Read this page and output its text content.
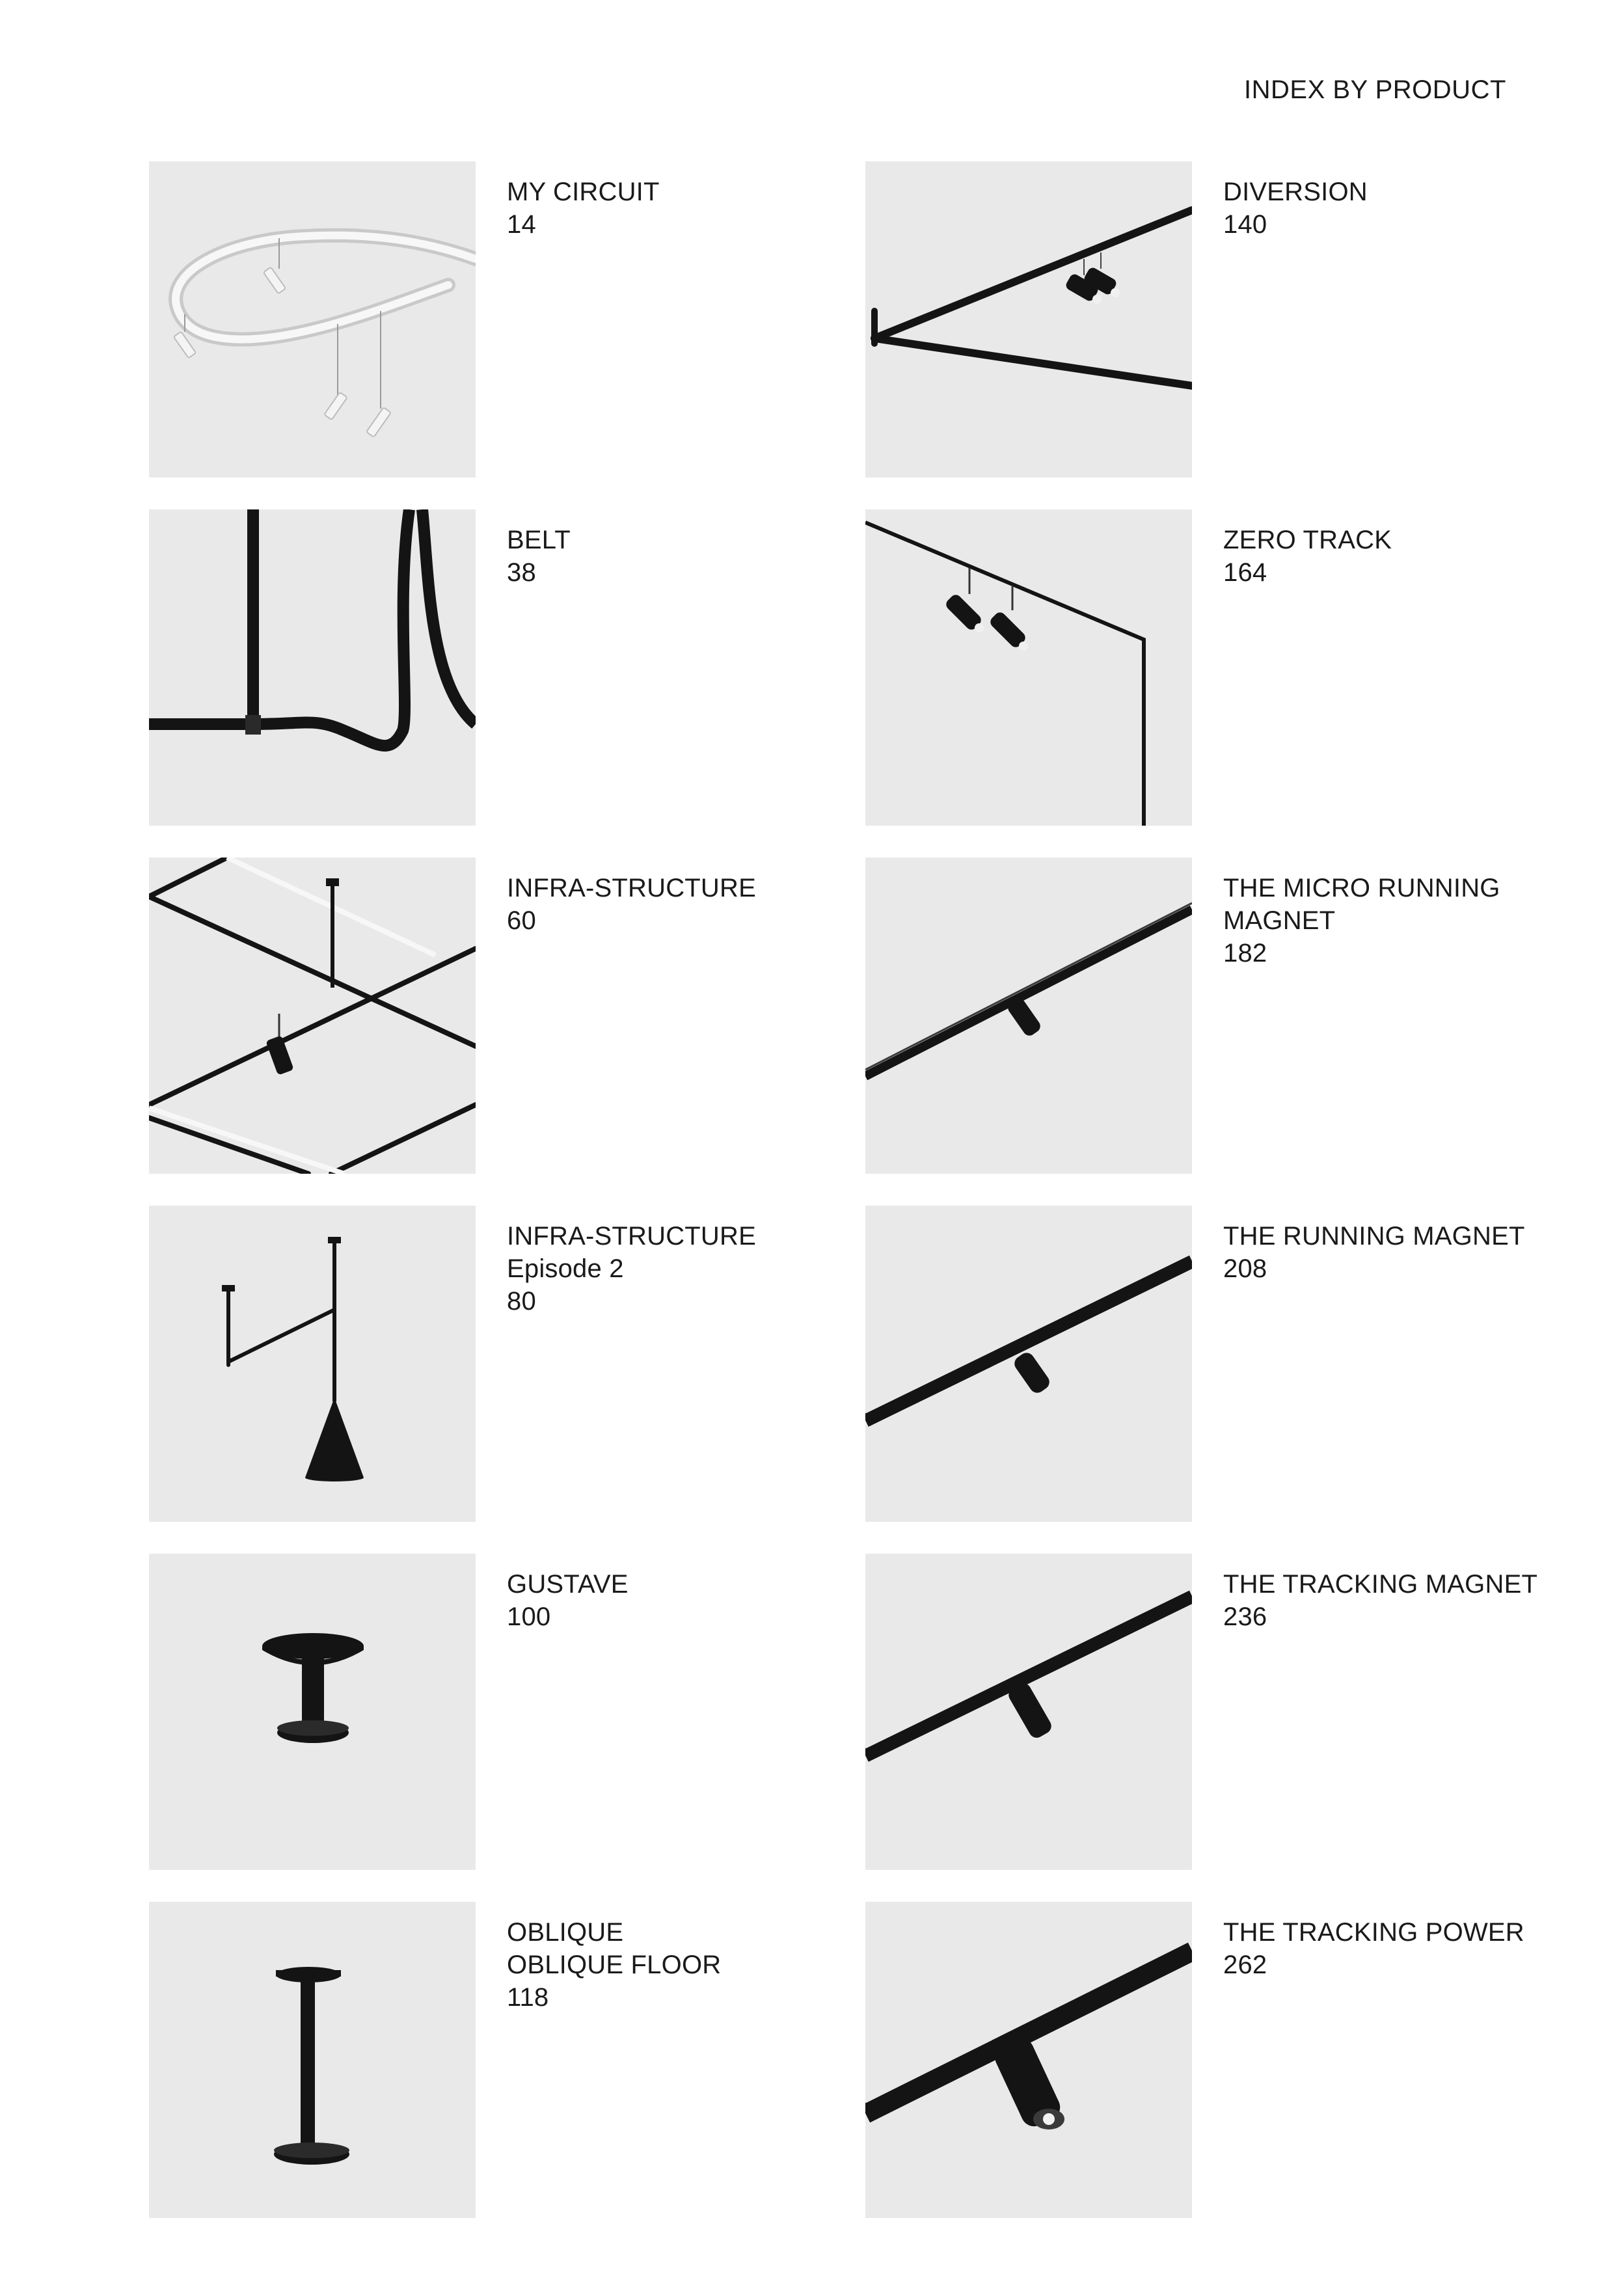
INDEX BY PRODUCT
MY CIRCUIT
14
DIVERSION
140
BELT
38
ZERO TRACK
164
INFRA-STRUCTURE
60
THE MICRO RUNNING
MAGNET
182
INFRA-STRUCTURE
Episode 2
80
THE RUNNING MAGNET
208
GUSTAVE
100
THE TRACKING MAGNET
236
OBLIQUE
OBLIQUE FLOOR
118
THE TRACKING POWER
262
